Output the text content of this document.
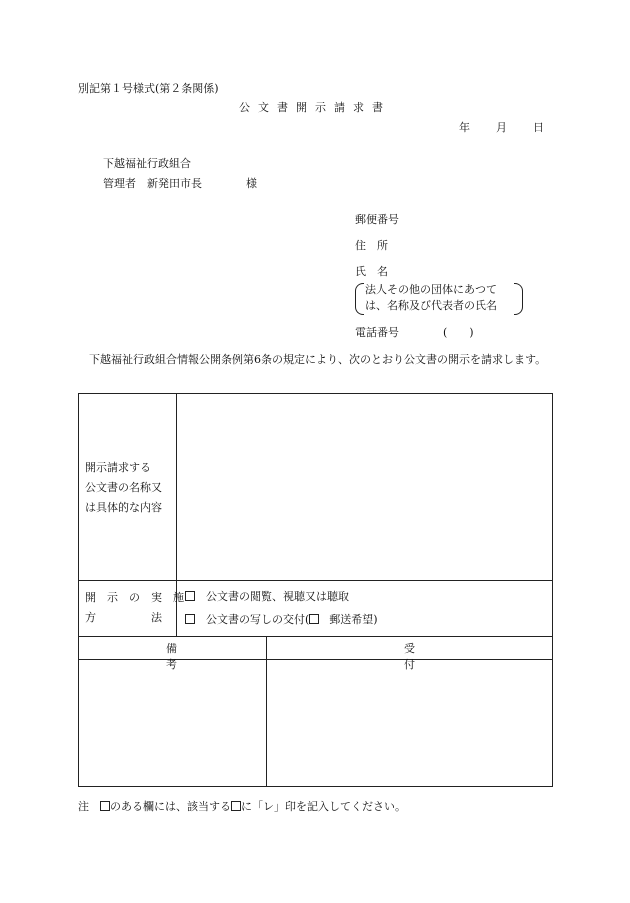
別記第１号様式(第２条関係)
公文書開示請求書
年 月 日
下越福祉行政組合
管理者　 新発田市長	様
郵便番号
住　所
氏　名
法人その他の団体にあつて
は、名称及び代表者の氏名
電話番号	(　　)
下越福祉行政組合情報公開条例第6条の規定により、次のとおり公文書の開示を請求します。
開示請求する
公文書の名称又
は具体的な内容
開　示　の　実　施
方　　　　　法
公文書の閲覧、視聴又は聴取
公文書の写しの交付( 郵送希望)
備考
受付
注　 のある欄には、該当する に「レ」印を記入してください。
